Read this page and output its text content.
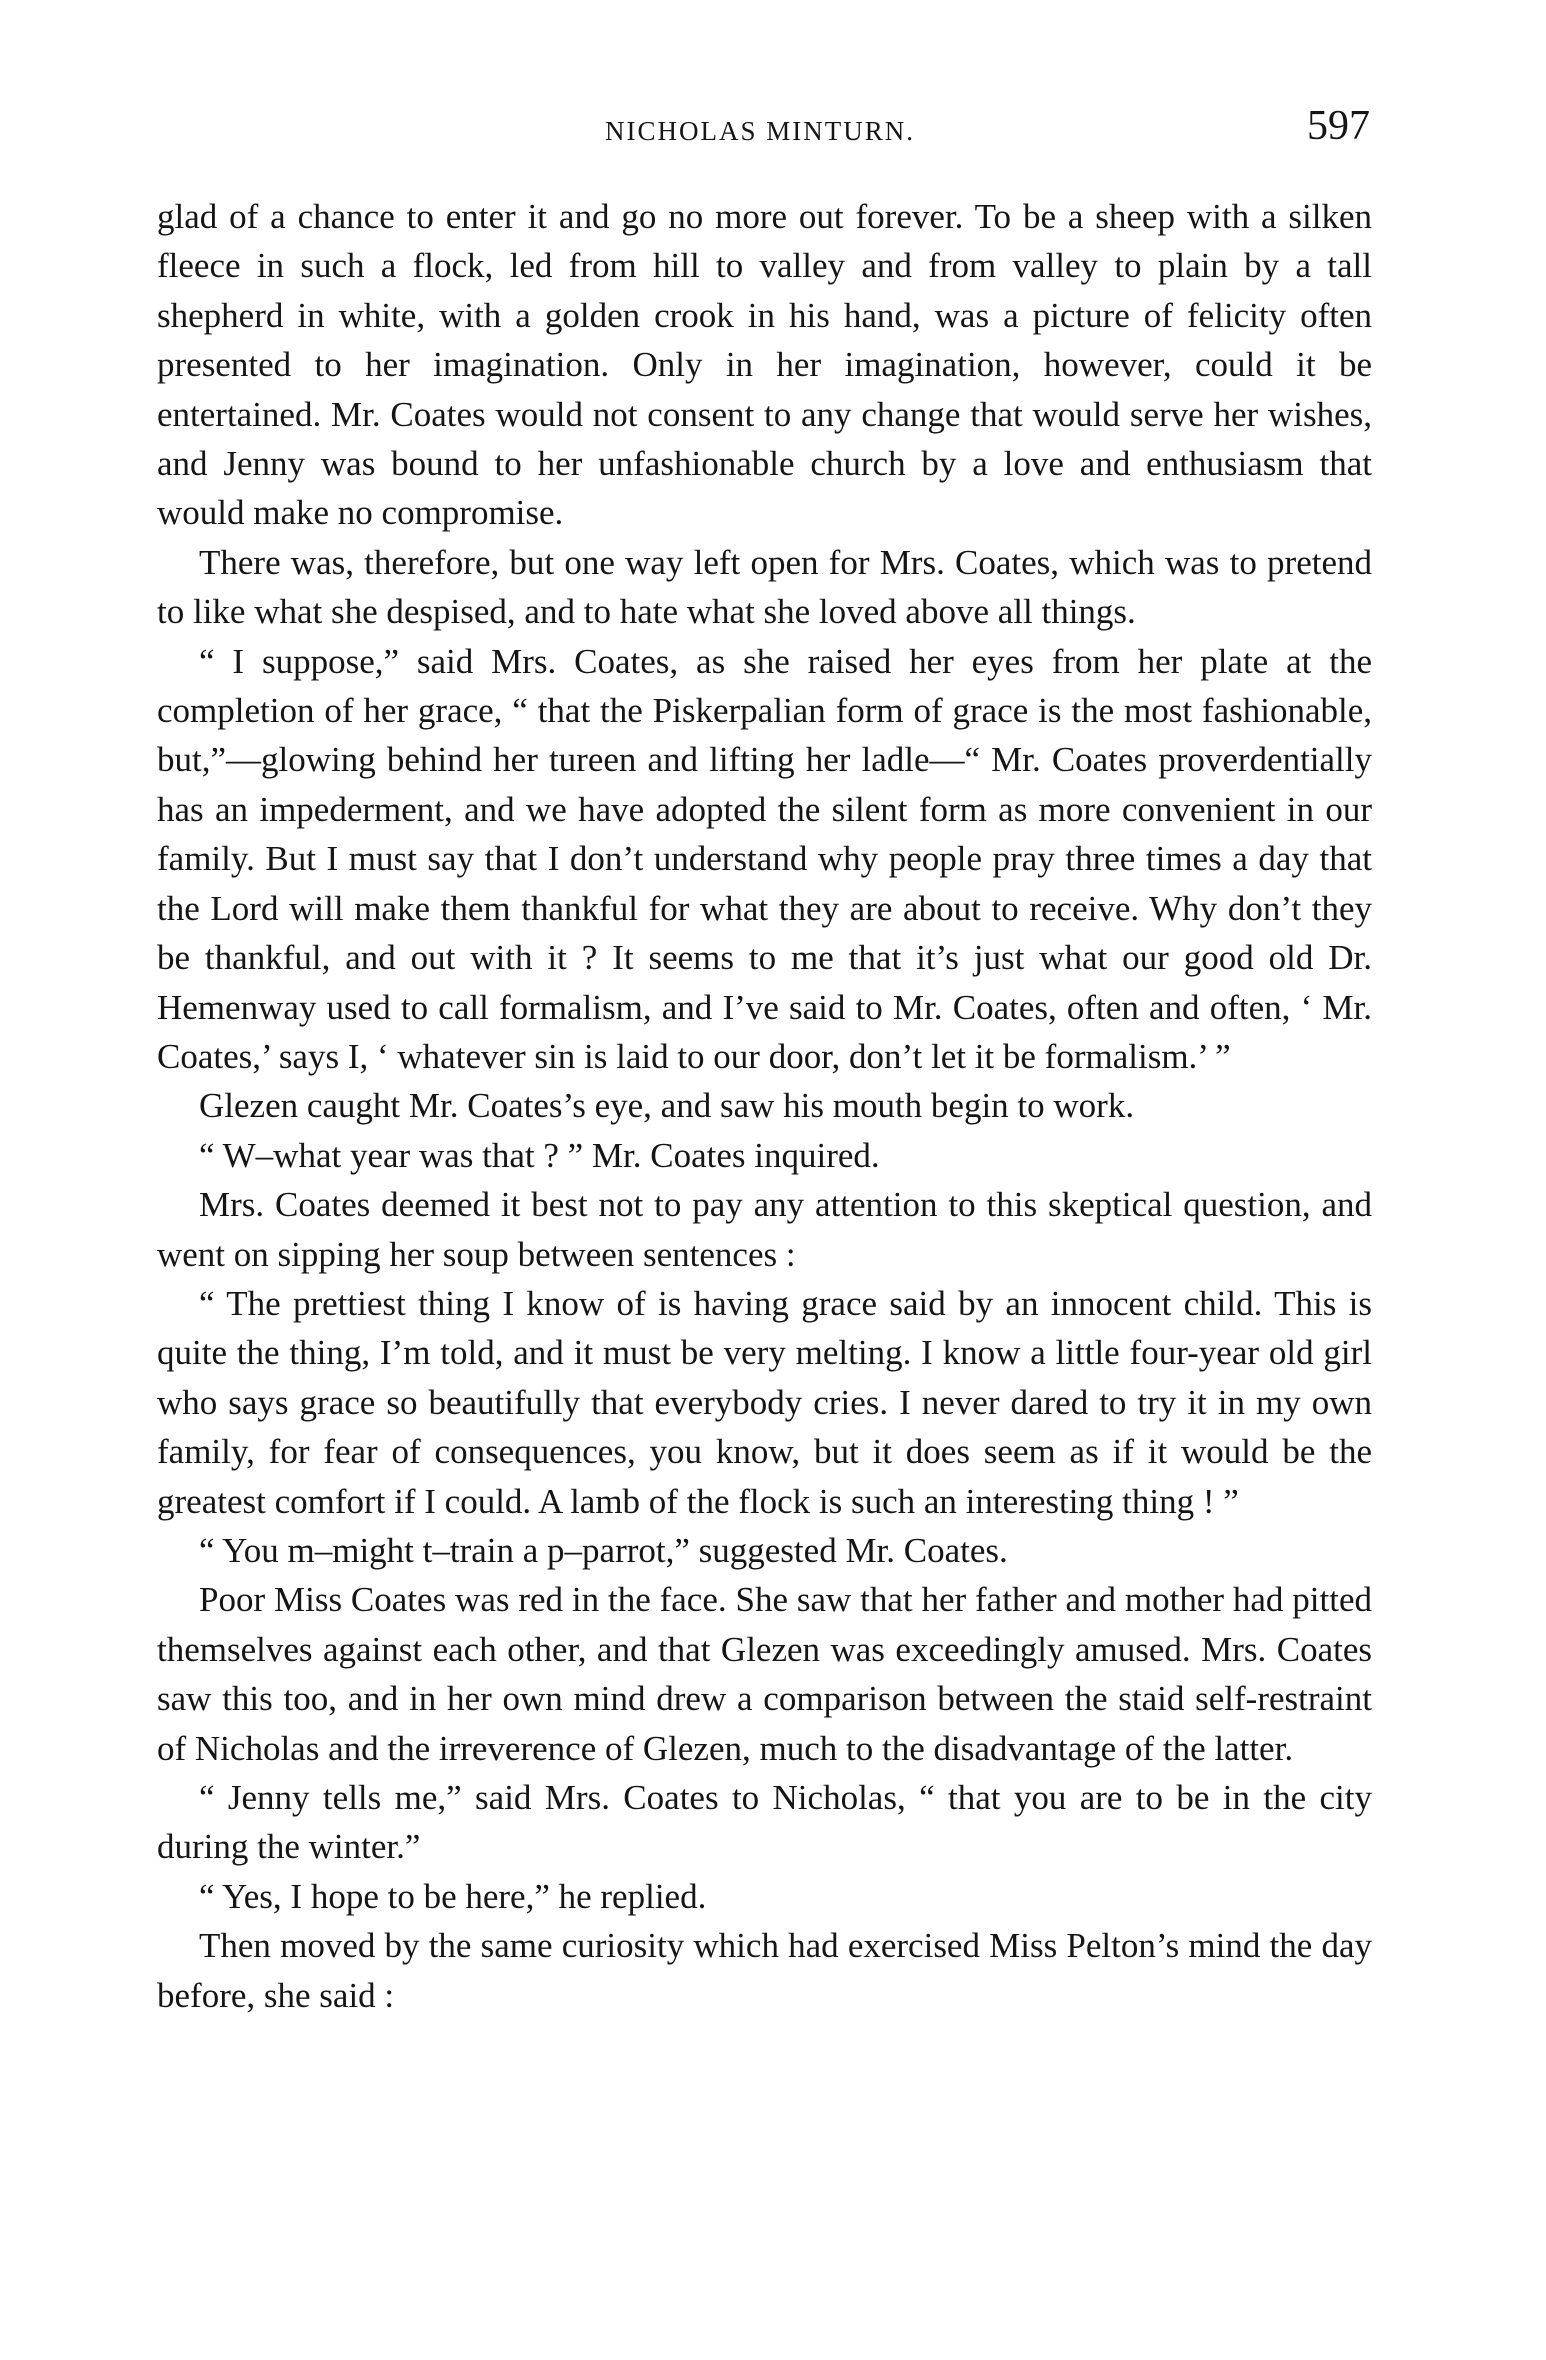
NICHOLAS MINTURN.	597

glad of a chance to enter it and go no more out forever. To be a sheep with a silken fleece in such a flock, led from hill to valley and from valley to plain by a tall shepherd in white, with a golden crook in his hand, was a picture of felicity often presented to her imagination. Only in her imagination, however, could it be entertained. Mr. Coates would not consent to any change that would serve her wishes, and Jenny was bound to her unfashionable church by a love and enthusiasm that would make no compromise.

There was, therefore, but one way left open for Mrs. Coates, which was to pretend to like what she despised, and to hate what she loved above all things.

“ I suppose,” said Mrs. Coates, as she raised her eyes from her plate at the completion of her grace, “ that the Piskerpalian form of grace is the most fashionable, but,”—glowing behind her tureen and lifting her ladle—“ Mr. Coates proverdentially has an impederment, and we have adopted the silent form as more convenient in our family. But I must say that I don’t understand why people pray three times a day that the Lord will make them thankful for what they are about to receive. Why don’t they be thankful, and out with it ? It seems to me that it’s just what our good old Dr. Hemenway used to call formalism, and I’ve said to Mr. Coates, often and often, ‘ Mr. Coates,’ says I, ‘ whatever sin is laid to our door, don’t let it be formalism.’ ”

Glezen caught Mr. Coates’s eye, and saw his mouth begin to work.

“ W–what year was that ? ” Mr. Coates inquired.

Mrs. Coates deemed it best not to pay any attention to this skeptical question, and went on sipping her soup between sentences :

“ The prettiest thing I know of is having grace said by an innocent child. This is quite the thing, I’m told, and it must be very melting. I know a little four-year old girl who says grace so beautifully that everybody cries. I never dared to try it in my own family, for fear of consequences, you know, but it does seem as if it would be the greatest comfort if I could. A lamb of the flock is such an interesting thing ! ”

“ You m–might t–train a p–parrot,” suggested Mr. Coates.

Poor Miss Coates was red in the face. She saw that her father and mother had pitted themselves against each other, and that Glezen was exceedingly amused. Mrs. Coates saw this too, and in her own mind drew a comparison between the staid self-restraint of Nicholas and the irreverence of Glezen, much to the disadvantage of the latter.

“ Jenny tells me,” said Mrs. Coates to Nicholas, “ that you are to be in the city during the winter.”

“ Yes, I hope to be here,” he replied.

Then moved by the same curiosity which had exercised Miss Pelton’s mind the day before, she said :
